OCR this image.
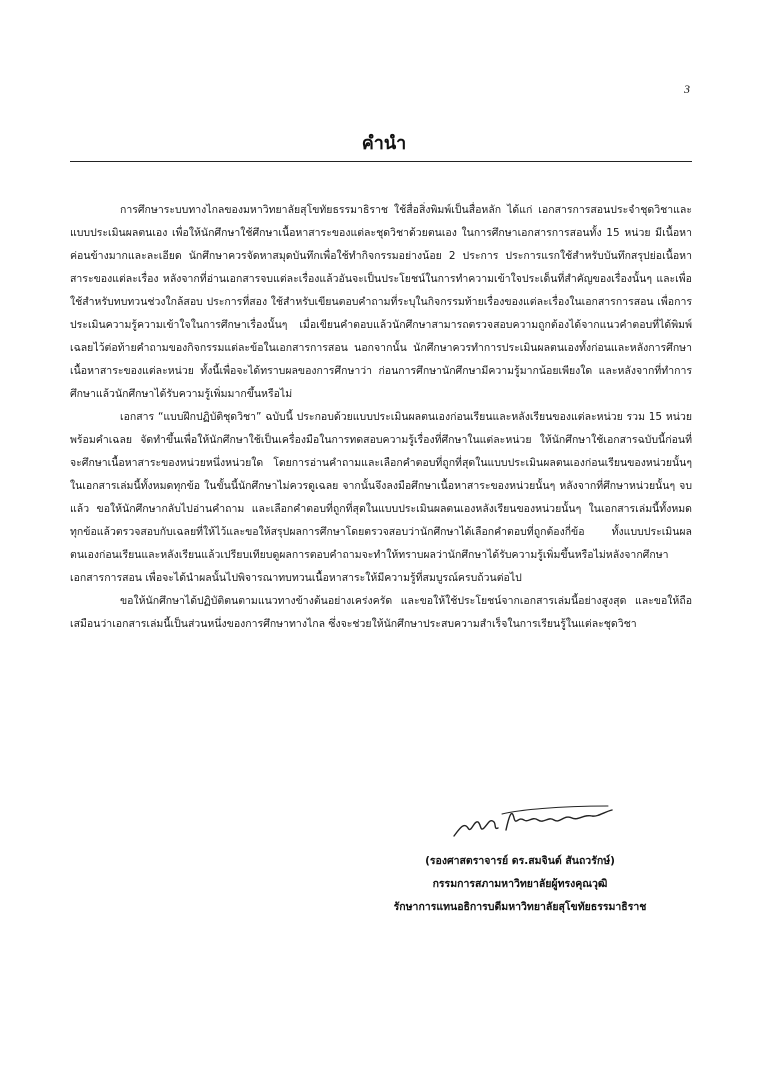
3
คำนำ

การศึกษาระบบทางไกลของมหาวิทยาลัยสุโขทัยธรรมาธิราช ใช้สื่อสิ่งพิมพ์เป็นสื่อหลัก ได้แก่ เอกสารการสอนประจำชุดวิชาและแบบประเมินผลตนเอง เพื่อให้นักศึกษาใช้ศึกษาเนื้อหาสาระของแต่ละชุดวิชาด้วยตนเอง ในการศึกษาเอกสารการสอนทั้ง 15 หน่วย มีเนื้อหาค่อนข้างมากและละเอียด นักศึกษาควรจัดหาสมุดบันทึกเพื่อใช้ทำกิจกรรมอย่างน้อย 2 ประการ ประการแรกใช้สำหรับบันทึกสรุปย่อเนื้อหาสาระของแต่ละเรื่อง หลังจากที่อ่านเอกสารจบแต่ละเรื่องแล้วอันจะเป็นประโยชน์ในการทำความเข้าใจประเด็นที่สำคัญของเรื่องนั้นๆ และเพื่อใช้สำหรับทบทวนช่วงใกล้สอบ ประการที่สอง ใช้สำหรับเขียนตอบคำถามที่ระบุในกิจกรรมท้ายเรื่องของแต่ละเรื่องในเอกสารการสอน เพื่อการประเมินความรู้ความเข้าใจในการศึกษาเรื่องนั้นๆ เมื่อเขียนคำตอบแล้วนักศึกษาสามารถตรวจสอบความถูกต้องได้จากแนวคำตอบที่ได้พิมพ์เฉลยไว้ต่อท้ายคำถามของกิจกรรมแต่ละข้อในเอกสารการสอน นอกจากนั้น นักศึกษาควรทำการประเมินผลตนเองทั้งก่อนและหลังการศึกษาเนื้อหาสาระของแต่ละหน่วย ทั้งนี้เพื่อจะได้ทราบผลของการศึกษาว่า ก่อนการศึกษานักศึกษามีความรู้มากน้อยเพียงใด และหลังจากที่ทำการศึกษาแล้วนักศึกษาได้รับความรู้เพิ่มมากขึ้นหรือไม่

เอกสาร “แบบฝึกปฏิบัติชุดวิชา” ฉบับนี้ ประกอบด้วยแบบประเมินผลตนเองก่อนเรียนและหลังเรียนของแต่ละหน่วย รวม 15 หน่วย พร้อมคำเฉลย จัดทำขึ้นเพื่อให้นักศึกษาใช้เป็นเครื่องมือในการทดสอบความรู้เรื่องที่ศึกษาในแต่ละหน่วย ให้นักศึกษาใช้เอกสารฉบับนี้ก่อนที่จะศึกษาเนื้อหาสาระของหน่วยหนึ่งหน่วยใด โดยการอ่านคำถามและเลือกคำตอบที่ถูกที่สุดในแบบประเมินผลตนเองก่อนเรียนของหน่วยนั้นๆ ในเอกสารเล่มนี้ทั้งหมดทุกข้อ ในขั้นนี้นักศึกษาไม่ควรดูเฉลย จากนั้นจึงลงมือศึกษาเนื้อหาสาระของหน่วยนั้นๆ หลังจากที่ศึกษาหน่วยนั้นๆ จบแล้ว ขอให้นักศึกษากลับไปอ่านคำถาม และเลือกคำตอบที่ถูกที่สุดในแบบประเมินผลตนเองหลังเรียนของหน่วยนั้นๆ ในเอกสารเล่มนี้ทั้งหมดทุกข้อแล้วตรวจสอบกับเฉลยที่ให้ไว้และขอให้สรุปผลการศึกษาโดยตรวจสอบว่านักศึกษาได้เลือกคำตอบที่ถูกต้องกี่ข้อ ทั้งแบบประเมินผลตนเองก่อนเรียนและหลังเรียนแล้วเปรียบเทียบดูผลการตอบคำถามจะทำให้ทราบผลว่านักศึกษาได้รับความรู้เพิ่มขึ้นหรือไม่หลังจากศึกษาเอกสารการสอน เพื่อจะได้นำผลนั้นไปพิจารณาทบทวนเนื้อหาสาระให้มีความรู้ที่สมบูรณ์ครบถ้วนต่อไป

ขอให้นักศึกษาได้ปฏิบัติตนตามแนวทางข้างต้นอย่างเคร่งครัด และขอให้ใช้ประโยชน์จากเอกสารเล่มนี้อย่างสูงสุด และขอให้ถือเสมือนว่าเอกสารเล่มนี้เป็นส่วนหนึ่งของการศึกษาทางไกล ซึ่งจะช่วยให้นักศึกษาประสบความสำเร็จในการเรียนรู้ในแต่ละชุดวิชา

(รองศาสตราจารย์ ดร.สมจินต์ สันถวรักษ์)
กรรมการสภามหาวิทยาลัยผู้ทรงคุณวุฒิ
รักษาการแทนอธิการบดีมหาวิทยาลัยสุโขทัยธรรมาธิราช
